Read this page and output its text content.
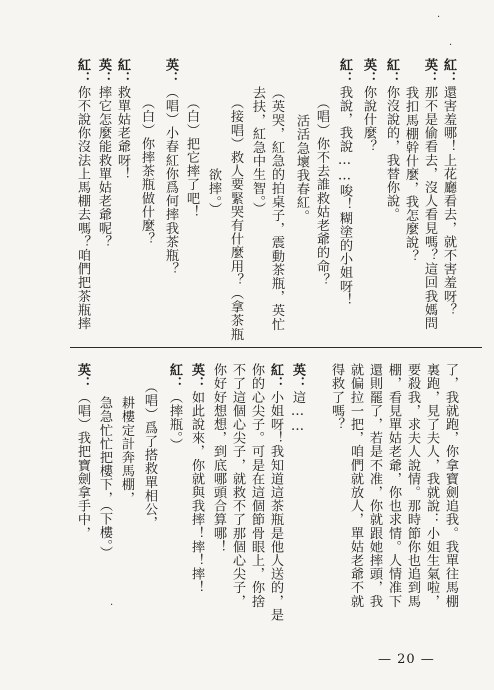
·
·
·
紅：還害羞哪！上花廳看去，就不害羞呀？
英：那不是偷看去，沒人看見嗎？這回我媽問
我扣馬棚幹什麼，我怎麼說？
紅：你沒說的，我替你說。
英：你說什麼？
紅：我說，我說……唆！糊塗的小姐呀！
（唱）你不去誰救姑老爺的命？
活活急壞我春紅。
（英哭，紅急的拍桌子，震動茶瓶，英忙
去扶，紅急中生智。）
（接唱）救人要緊哭有什麼用？（拿茶瓶
欲摔。）
（白）把它摔了吧！
英：（唱）小春紅你爲何摔我茶瓶？
（白）你摔茶瓶做什麼？
紅：救單姑老爺呀！
英：摔它怎麼能救單姑老爺呢？
紅：你不說你沒法上馬棚去嗎？咱們把茶瓶摔
了，我就跑，你拿寶劍追我。我單往馬棚
裏跑，見了夫人，我就說：小姐生氣啦，
要殺我，求夫人說情。那時節你也追到馬
棚，看見單姑老爺，你也求情。人情准下
還則罷了，若是不准，你就跟她摔頭，我
就偏拉一把，咱們就放人，單姑老爺不就
得救了嗎？
英：這……
紅：小姐呀！我知道這茶瓶是他人送的，是
你的心尖子。可是在這個節骨眼上，你捨
不了這個心尖子，就救不了那個心尖子，
你好好想想，到底哪頭合算哪！
英：如此說來，你就與我摔！摔！摔！
紅：（摔瓶。）
（唱）爲了搭救單相公，
耕樓定計奔馬棚，
急急忙忙把樓下，（下樓。）
英：（唱）我把寶劍拿手中，
— 20 —
